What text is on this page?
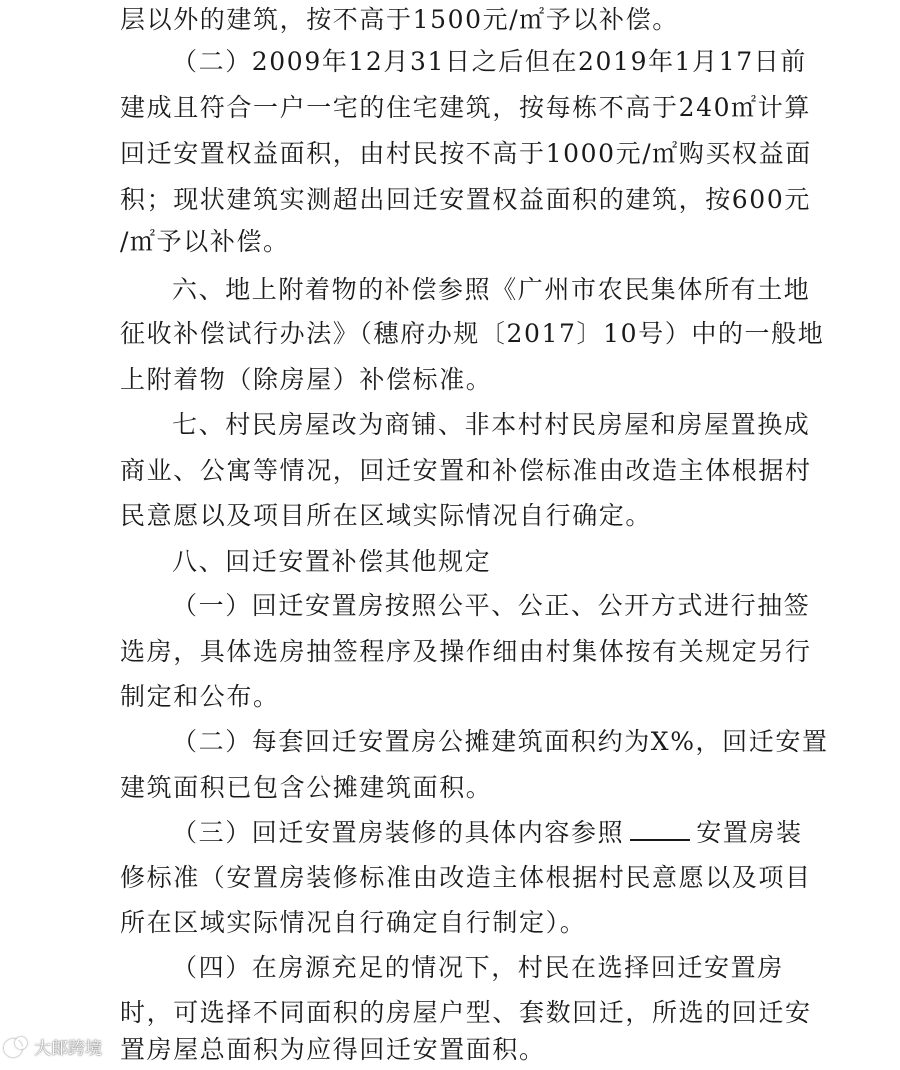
层以外的建筑，按不高于1500元/㎡予以补偿。
（二）2009年12月31日之后但在2019年1月17日前
建成且符合一户一宅的住宅建筑，按每栋不高于240㎡计算
回迁安置权益面积，由村民按不高于1000元/㎡购买权益面
积；现状建筑实测超出回迁安置权益面积的建筑，按600元
/㎡予以补偿。
六、地上附着物的补偿参照《广州市农民集体所有土地
征收补偿试行办法》（穗府办规〔2017〕10号）中的一般地
上附着物（除房屋）补偿标准。
七、村民房屋改为商铺、非本村村民房屋和房屋置换成
商业、公寓等情况，回迁安置和补偿标准由改造主体根据村
民意愿以及项目所在区域实际情况自行确定。
八、回迁安置补偿其他规定
（一）回迁安置房按照公平、公正、公开方式进行抽签
选房，具体选房抽签程序及操作细由村集体按有关规定另行
制定和公布。
（二）每套回迁安置房公摊建筑面积约为X%，回迁安置
建筑面积已包含公摊建筑面积。
（三）回迁安置房装修的具体内容参照	安置房装
修标准（安置房装修标准由改造主体根据村民意愿以及项目
所在区域实际情况自行确定自行制定）。
（四）在房源充足的情况下，村民在选择回迁安置房
时，可选择不同面积的房屋户型、套数回迁，所选的回迁安
置房屋总面积为应得回迁安置面积。
大郎跨境
